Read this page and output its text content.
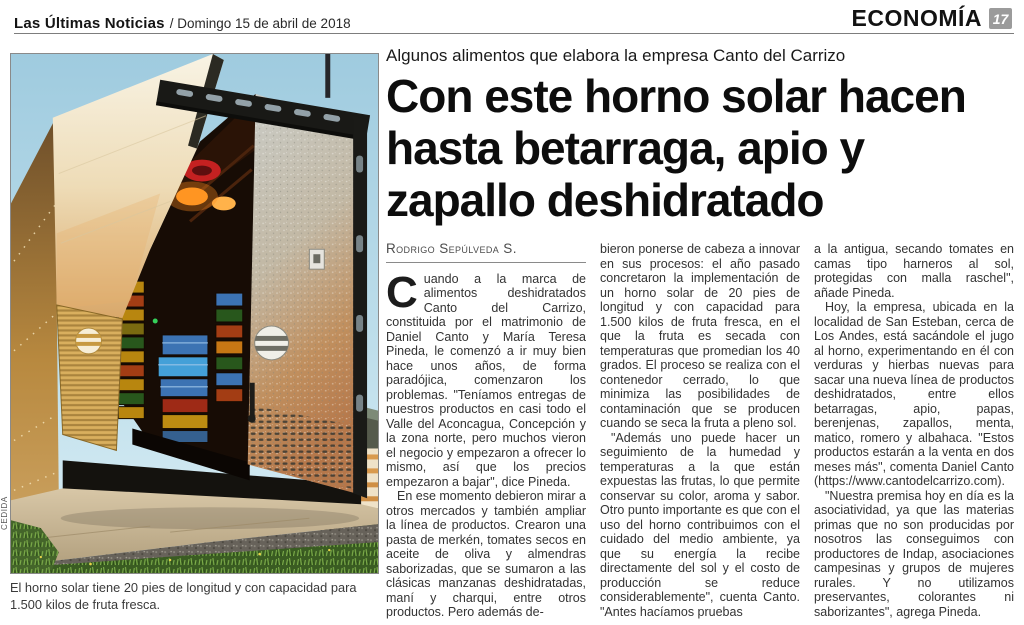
Las Últimas Noticias / Domingo 15 de abril de 2018	ECONOMÍA 17
El horno solar tiene 20 pies de longitud y con capacidad para 1.500 kilos de fruta fresca.
CEDIDA
Algunos alimentos que elabora la empresa Canto del Carrizo
Con este horno solar hacen hasta betarraga, apio y zapallo deshidratado
Rodrigo Sepúlveda S.

Cuando a la marca de alimentos deshidratados Canto del Carrizo, constituida por el matrimonio de Daniel Canto y María Teresa Pineda, le comenzó a ir muy bien hace unos años, de forma paradójica, comenzaron los problemas. "Teníamos entregas de nuestros productos en casi todo el Valle del Aconcagua, Concepción y la zona norte, pero muchos vieron el negocio y empezaron a ofrecer lo mismo, así que los precios empezaron a bajar", dice Pineda.

En ese momento debieron mirar a otros mercados y también ampliar la línea de productos. Crearon una pasta de merkén, tomates secos en aceite de oliva y almendras saborizadas, que se sumaron a las clásicas manzanas deshidratadas, maní y charqui, entre otros productos. Pero además de-

bieron ponerse de cabeza a innovar en sus procesos: el año pasado concretaron la implementación de un horno solar de 20 pies de longitud y con capacidad para 1.500 kilos de fruta fresca, en el que la fruta es secada con temperaturas que promedian los 40 grados. El proceso se realiza con el contenedor cerrado, lo que minimiza las posibilidades de contaminación que se producen cuando se seca la fruta a pleno sol.

"Además uno puede hacer un seguimiento de la humedad y temperaturas a la que están expuestas las frutas, lo que permite conservar su color, aroma y sabor. Otro punto importante es que con el uso del horno contribuimos con el cuidado del medio ambiente, ya que su energía la recibe directamente del sol y el costo de producción se reduce considerablemente", cuenta Canto. "Antes hacíamos pruebas

a la antigua, secando tomates en camas tipo harneros al sol, protegidas con malla raschel", añade Pineda.

Hoy, la empresa, ubicada en la localidad de San Esteban, cerca de Los Andes, está sacándole el jugo al horno, experimentando en él con verduras y hierbas nuevas para sacar una nueva línea de productos deshidratados, entre ellos betarragas, apio, papas, berenjenas, zapallos, menta, matico, romero y albahaca. "Estos productos estarán a la venta en dos meses más", comenta Daniel Canto (https://www.cantodelcarrizo.com).

"Nuestra premisa hoy en día es la asociatividad, ya que las materias primas que no son producidas por nosotros las conseguimos con productores de Indap, asociaciones campesinas y grupos de mujeres rurales. Y no utilizamos preservantes, colorantes ni saborizantes", agrega Pineda.
